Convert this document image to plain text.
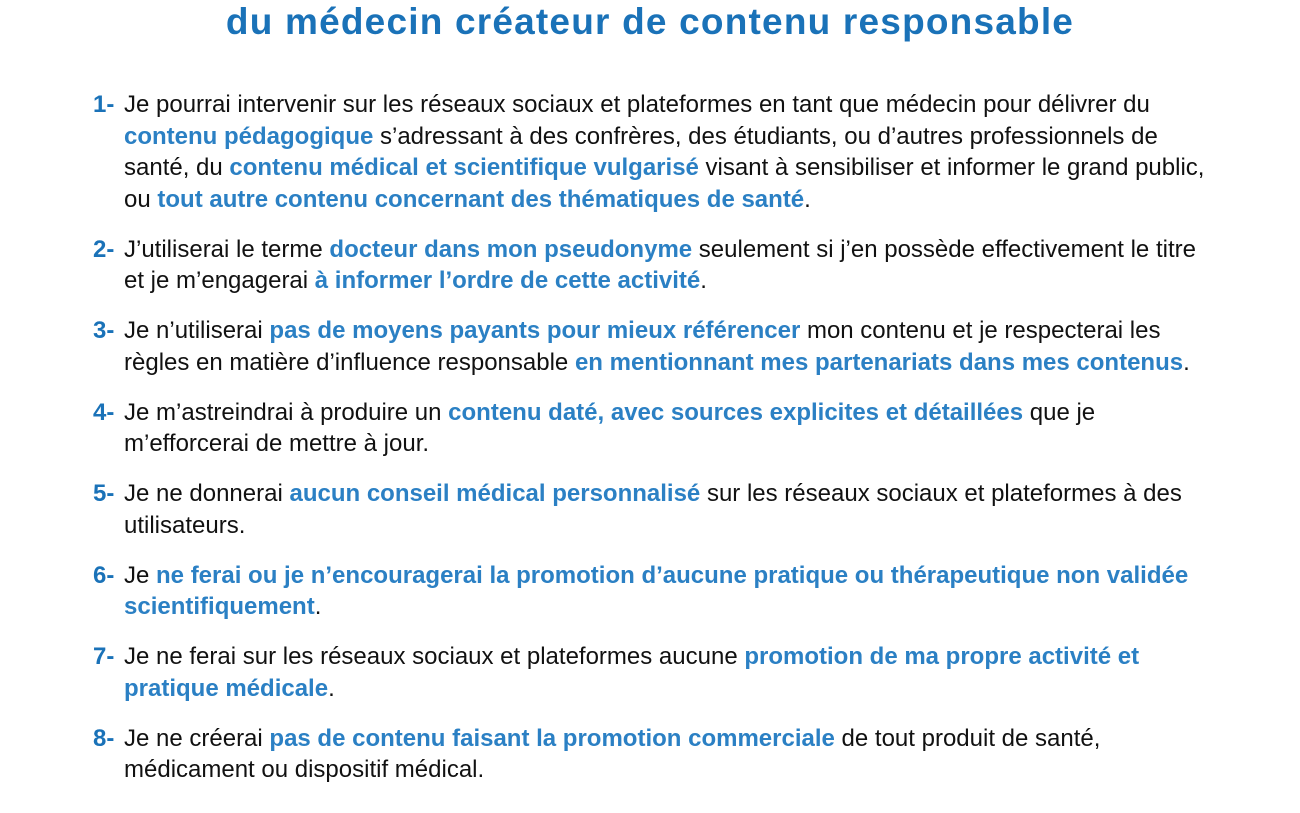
du médecin créateur de contenu responsable
1- Je pourrai intervenir sur les réseaux sociaux et plateformes en tant que médecin pour délivrer du contenu pédagogique s’adressant à des confrères, des étudiants, ou d’autres professionnels de santé, du contenu médical et scientifique vulgarisé visant à sensibiliser et informer le grand public, ou tout autre contenu concernant des thématiques de santé.
2- J’utiliserai le terme docteur dans mon pseudonyme seulement si j’en possède effectivement le titre et je m’engagerai à informer l’ordre de cette activité.
3- Je n’utiliserai pas de moyens payants pour mieux référencer mon contenu et je respecterai les règles en matière d’influence responsable en mentionnant mes partenariats dans mes contenus.
4- Je m’astreindrai à produire un contenu daté, avec sources explicites et détaillées que je m’efforcerai de mettre à jour.
5- Je ne donnerai aucun conseil médical personnalisé sur les réseaux sociaux et plateformes à des utilisateurs.
6- Je ne ferai ou je n’encouragerai la promotion d’aucune pratique ou thérapeutique non validée scientifiquement.
7- Je ne ferai sur les réseaux sociaux et plateformes aucune promotion de ma propre activité et pratique médicale.
8- Je ne créerai pas de contenu faisant la promotion commerciale de tout produit de santé, médicament ou dispositif médical.
